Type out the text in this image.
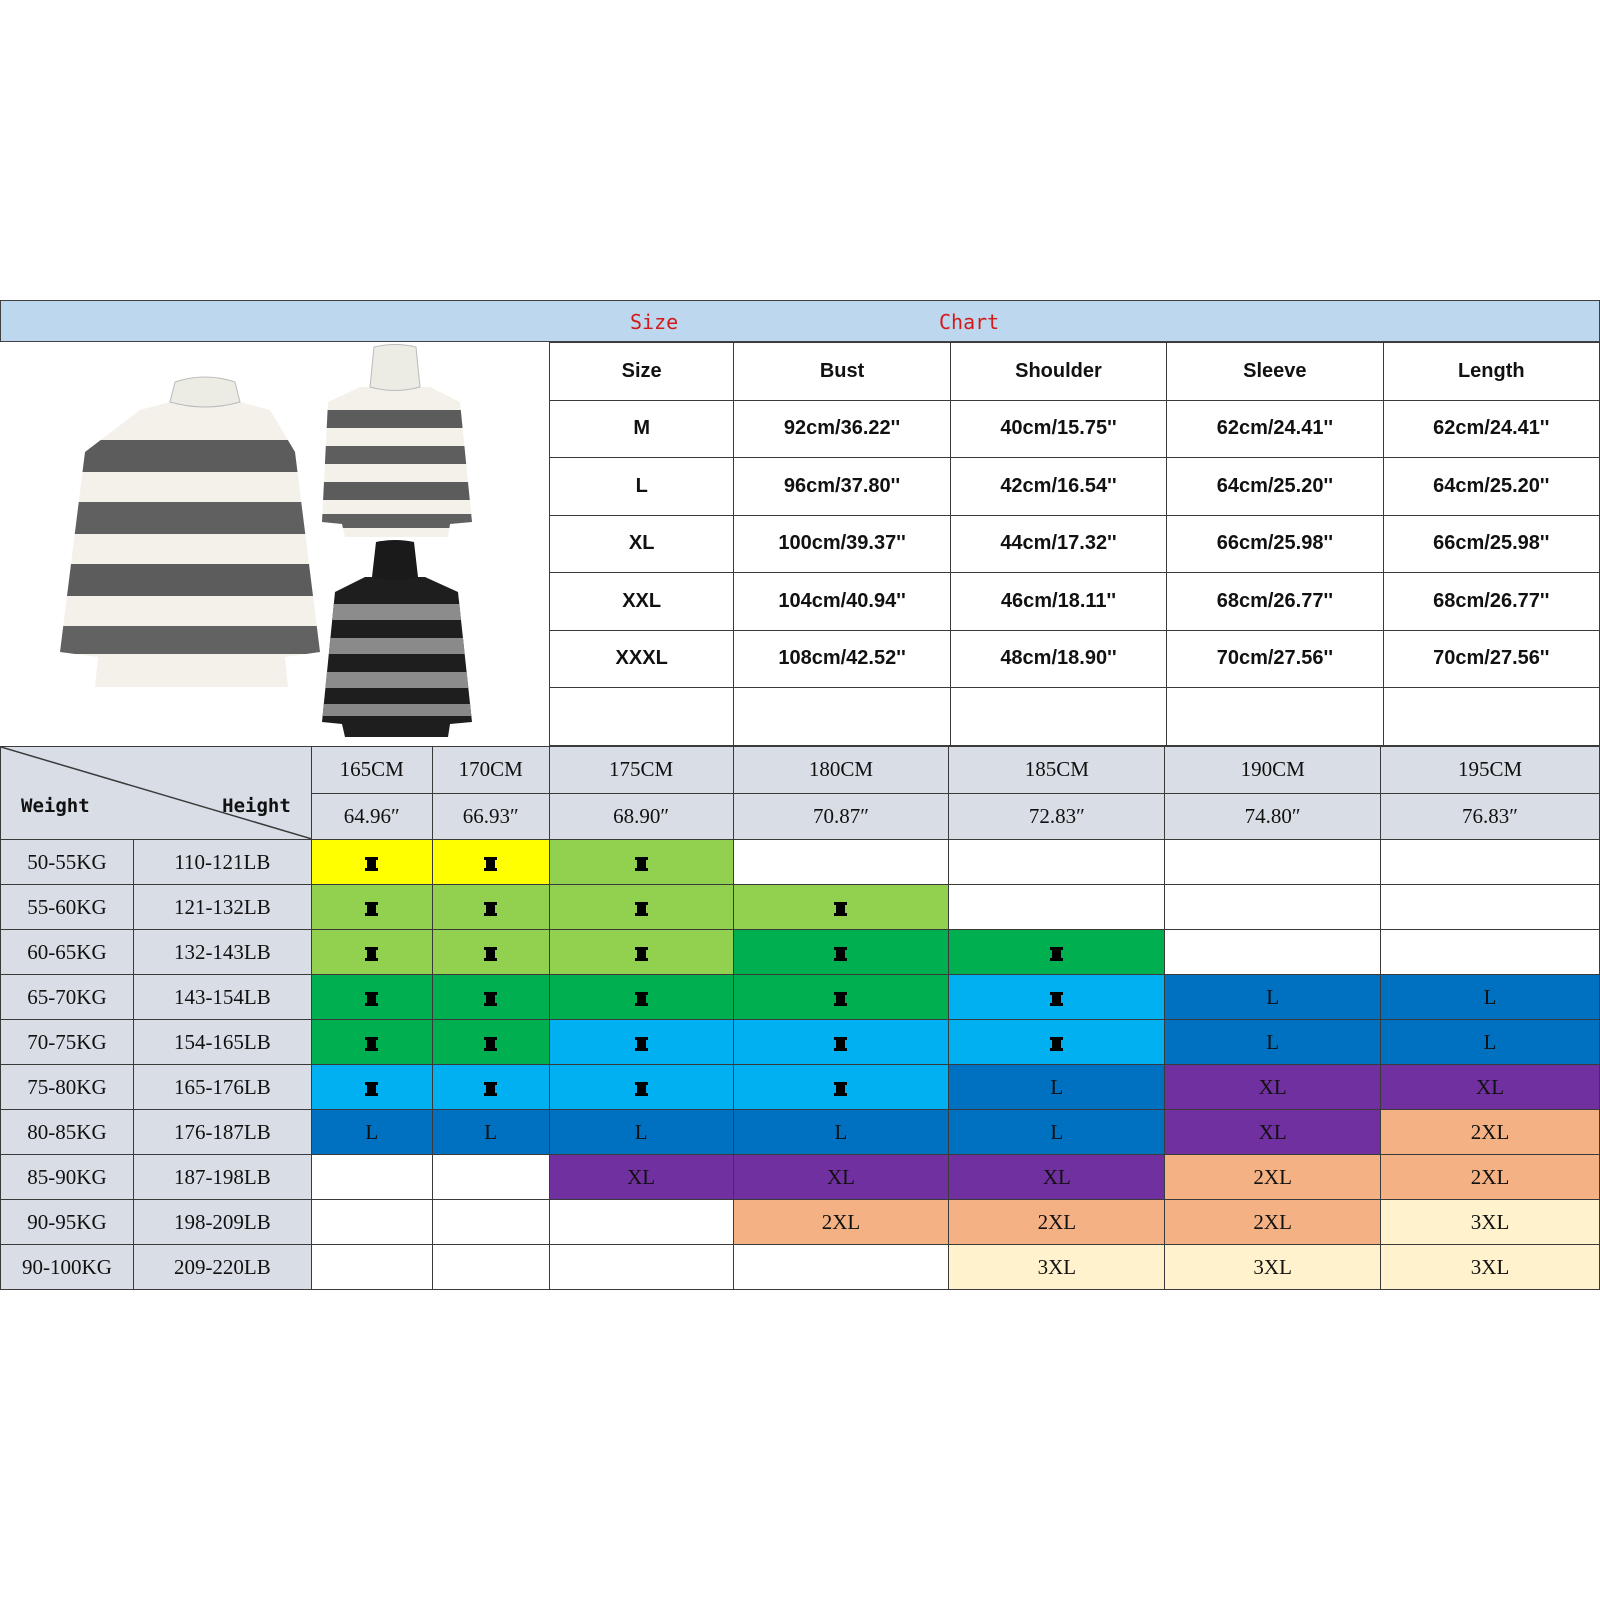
Size	Chart
Size	Bust	Shoulder	Sleeve	Length
M	92cm/36.22''	40cm/15.75''	62cm/24.41''	62cm/24.41''
L	96cm/37.80''	42cm/16.54''	64cm/25.20''	64cm/25.20''
XL	100cm/39.37''	44cm/17.32''	66cm/25.98''	66cm/25.98''
XXL	104cm/40.94''	46cm/18.11''	68cm/26.77''	68cm/26.77''
XXXL	108cm/42.52''	48cm/18.90''	70cm/27.56''	70cm/27.56''

Weight Height		165CM	170CM	175CM	180CM	185CM	190CM	195CM
		64.96″	66.93″	68.90″	70.87″	72.83″	74.80″	76.83″
50-55KG	110-121LB							
55-60KG	121-132LB							
60-65KG	132-143LB							
65-70KG	143-154LB						L	L
70-75KG	154-165LB						L	L
75-80KG	165-176LB					L	XL	XL
80-85KG	176-187LB	L	L	L	L	L	XL	2XL
85-90KG	187-198LB			XL	XL	XL	2XL	2XL
90-95KG	198-209LB				2XL	2XL	2XL	3XL
90-100KG	209-220LB					3XL	3XL	3XL
